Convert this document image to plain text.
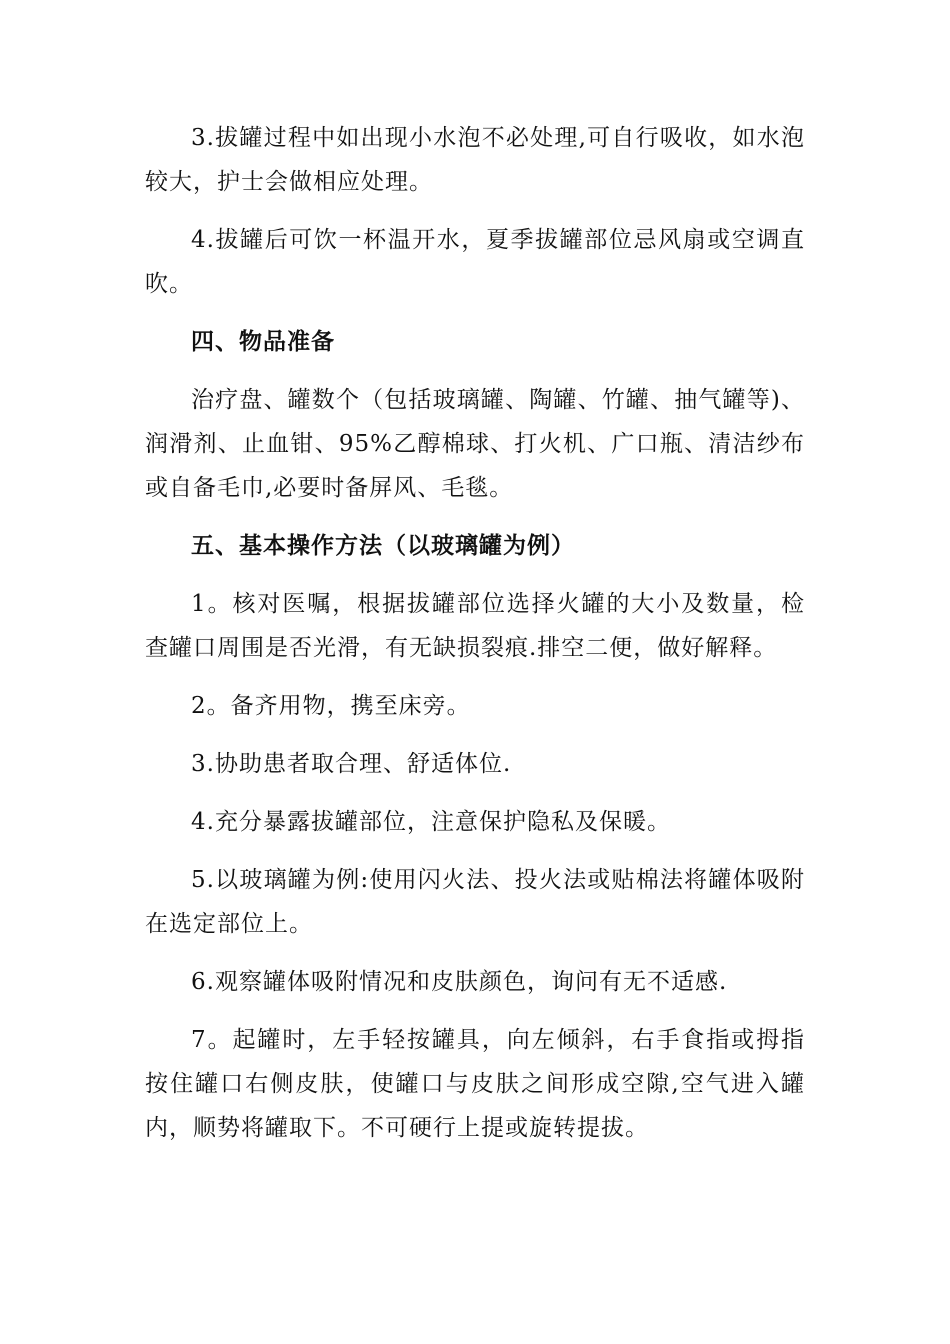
3.拔罐过程中如出现小水泡不必处理,可自行吸收，如水泡较大，护士会做相应处理。

4.拔罐后可饮一杯温开水，夏季拔罐部位忌风扇或空调直吹。

四、物品准备

治疗盘、罐数个（包括玻璃罐、陶罐、竹罐、抽气罐等)、润滑剂、止血钳、95%乙醇棉球、打火机、广口瓶、清洁纱布或自备毛巾,必要时备屏风、毛毯。

五、基本操作方法（以玻璃罐为例）

1。核对医嘱，根据拔罐部位选择火罐的大小及数量，检查罐口周围是否光滑，有无缺损裂痕.排空二便，做好解释。

2。备齐用物，携至床旁。

3.协助患者取合理、舒适体位.

4.充分暴露拔罐部位，注意保护隐私及保暖。

5.以玻璃罐为例:使用闪火法、投火法或贴棉法将罐体吸附在选定部位上。

6.观察罐体吸附情况和皮肤颜色，询问有无不适感.

7。起罐时，左手轻按罐具，向左倾斜，右手食指或拇指按住罐口右侧皮肤，使罐口与皮肤之间形成空隙,空气进入罐内，顺势将罐取下。不可硬行上提或旋转提拔。
